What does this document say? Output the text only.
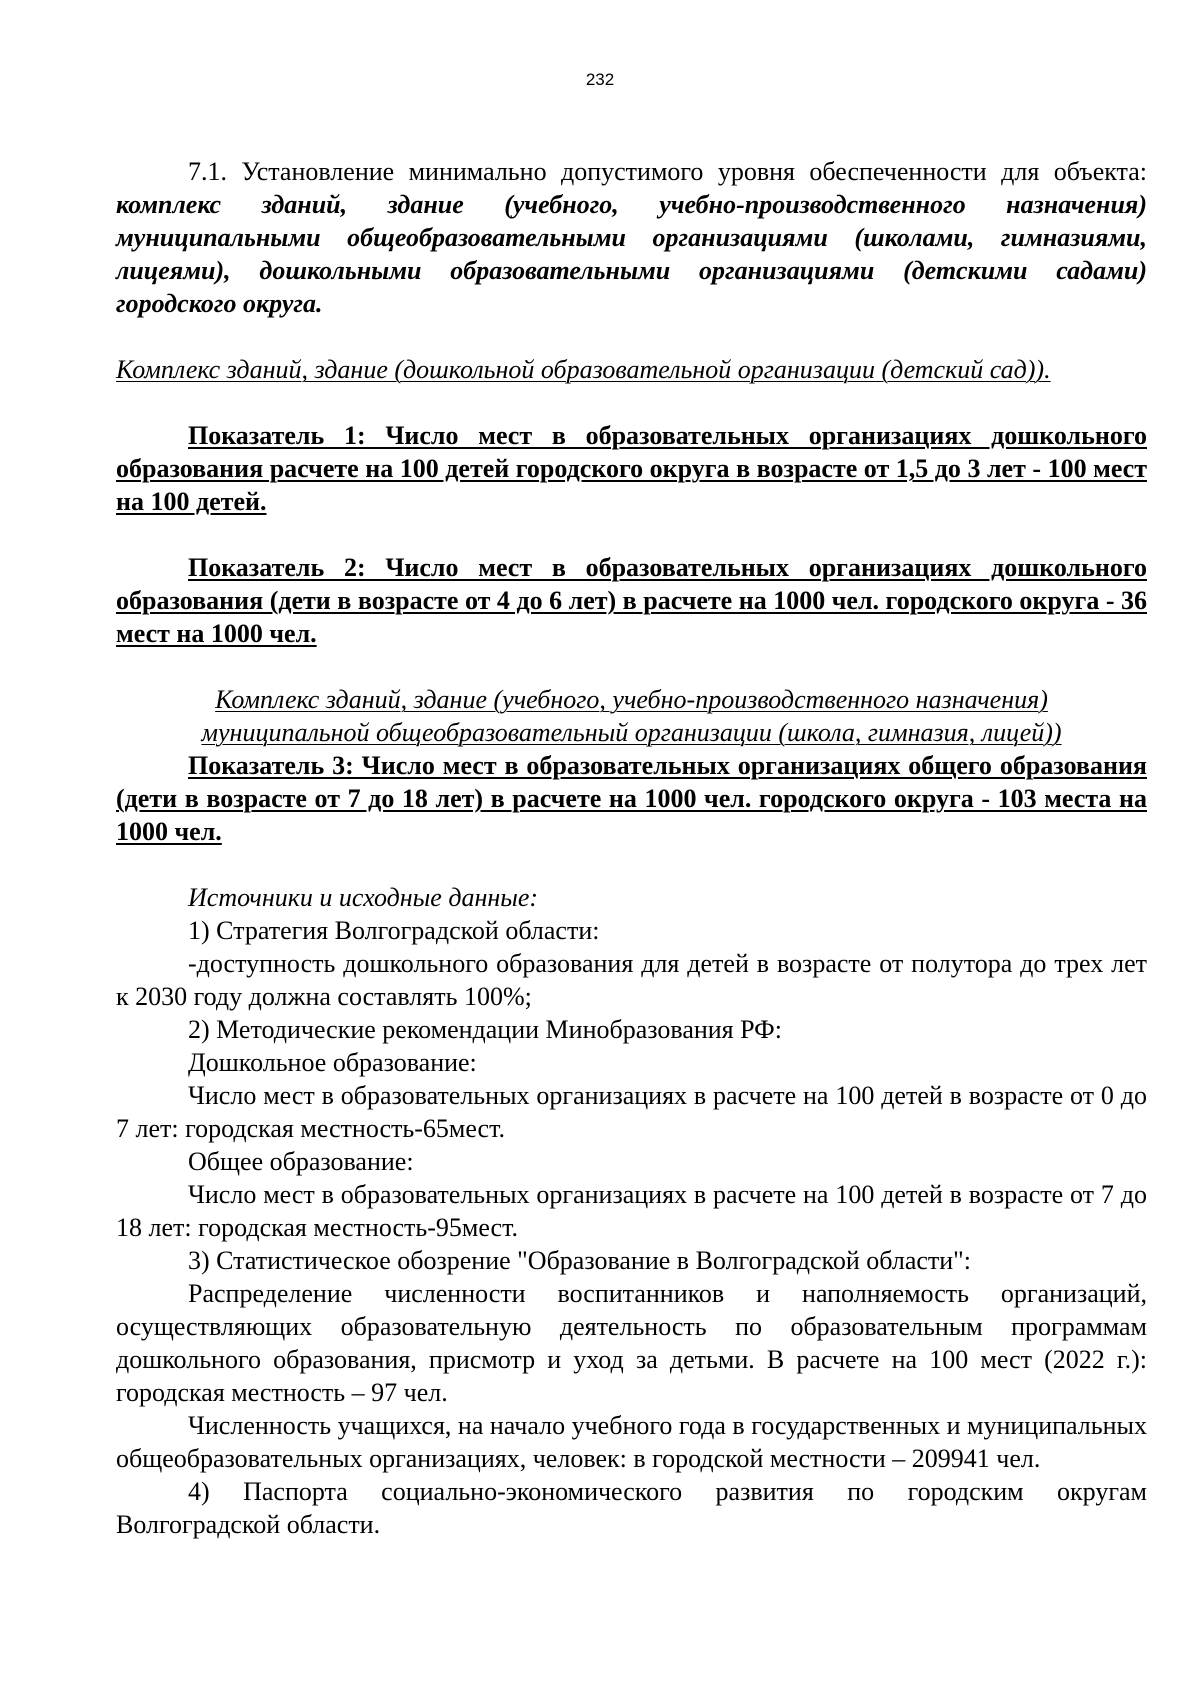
232

7.1. Установление минимально допустимого уровня обеспеченности для объекта: комплекс зданий, здание (учебного, учебно-производственного назначения) муниципальными общеобразовательными организациями (школами, гимназиями, лицеями), дошкольными образовательными организациями (детскими садами) городского округа.

Комплекс зданий, здание (дошкольной образовательной организации (детский сад)).

Показатель 1: Число мест в образовательных организациях дошкольного образования расчете на 100 детей городского округа в возрасте от 1,5 до 3 лет - 100 мест на 100 детей.

Показатель 2: Число мест в образовательных организациях дошкольного образования (дети в возрасте от 4 до 6 лет) в расчете на 1000 чел. городского округа - 36 мест на 1000 чел.

Комплекс зданий, здание (учебного, учебно-производственного назначения)

муниципальной общеобразовательный организации (школа, гимназия, лицей))

Показатель 3: Число мест в образовательных организациях общего образования (дети в возрасте от 7 до 18 лет) в расчете на 1000 чел. городского округа - 103 места на 1000 чел.

Источники и исходные данные:

1) Стратегия Волгоградской области:

-доступность дошкольного образования для детей в возрасте от полутора до трех лет к 2030 году должна составлять 100%;

2) Методические рекомендации Минобразования РФ:

Дошкольное образование:

Число мест в образовательных организациях в расчете на 100 детей в возрасте от 0 до 7 лет: городская местность-65мест.

Общее образование:

Число мест в образовательных организациях в расчете на 100 детей в возрасте от 7 до 18 лет: городская местность-95мест.

3) Статистическое обозрение "Образование в Волгоградской области":

Распределение численности воспитанников и наполняемость организаций, осуществляющих образовательную деятельность по образовательным программам дошкольного образования, присмотр и уход за детьми. В расчете на 100 мест (2022 г.): городская местность – 97 чел.

Численность учащихся, на начало учебного года в государственных и муниципальных общеобразовательных организациях, человек: в городской местности – 209941 чел.

4) Паспорта социально-экономического развития по городским округам Волгоградской области.
